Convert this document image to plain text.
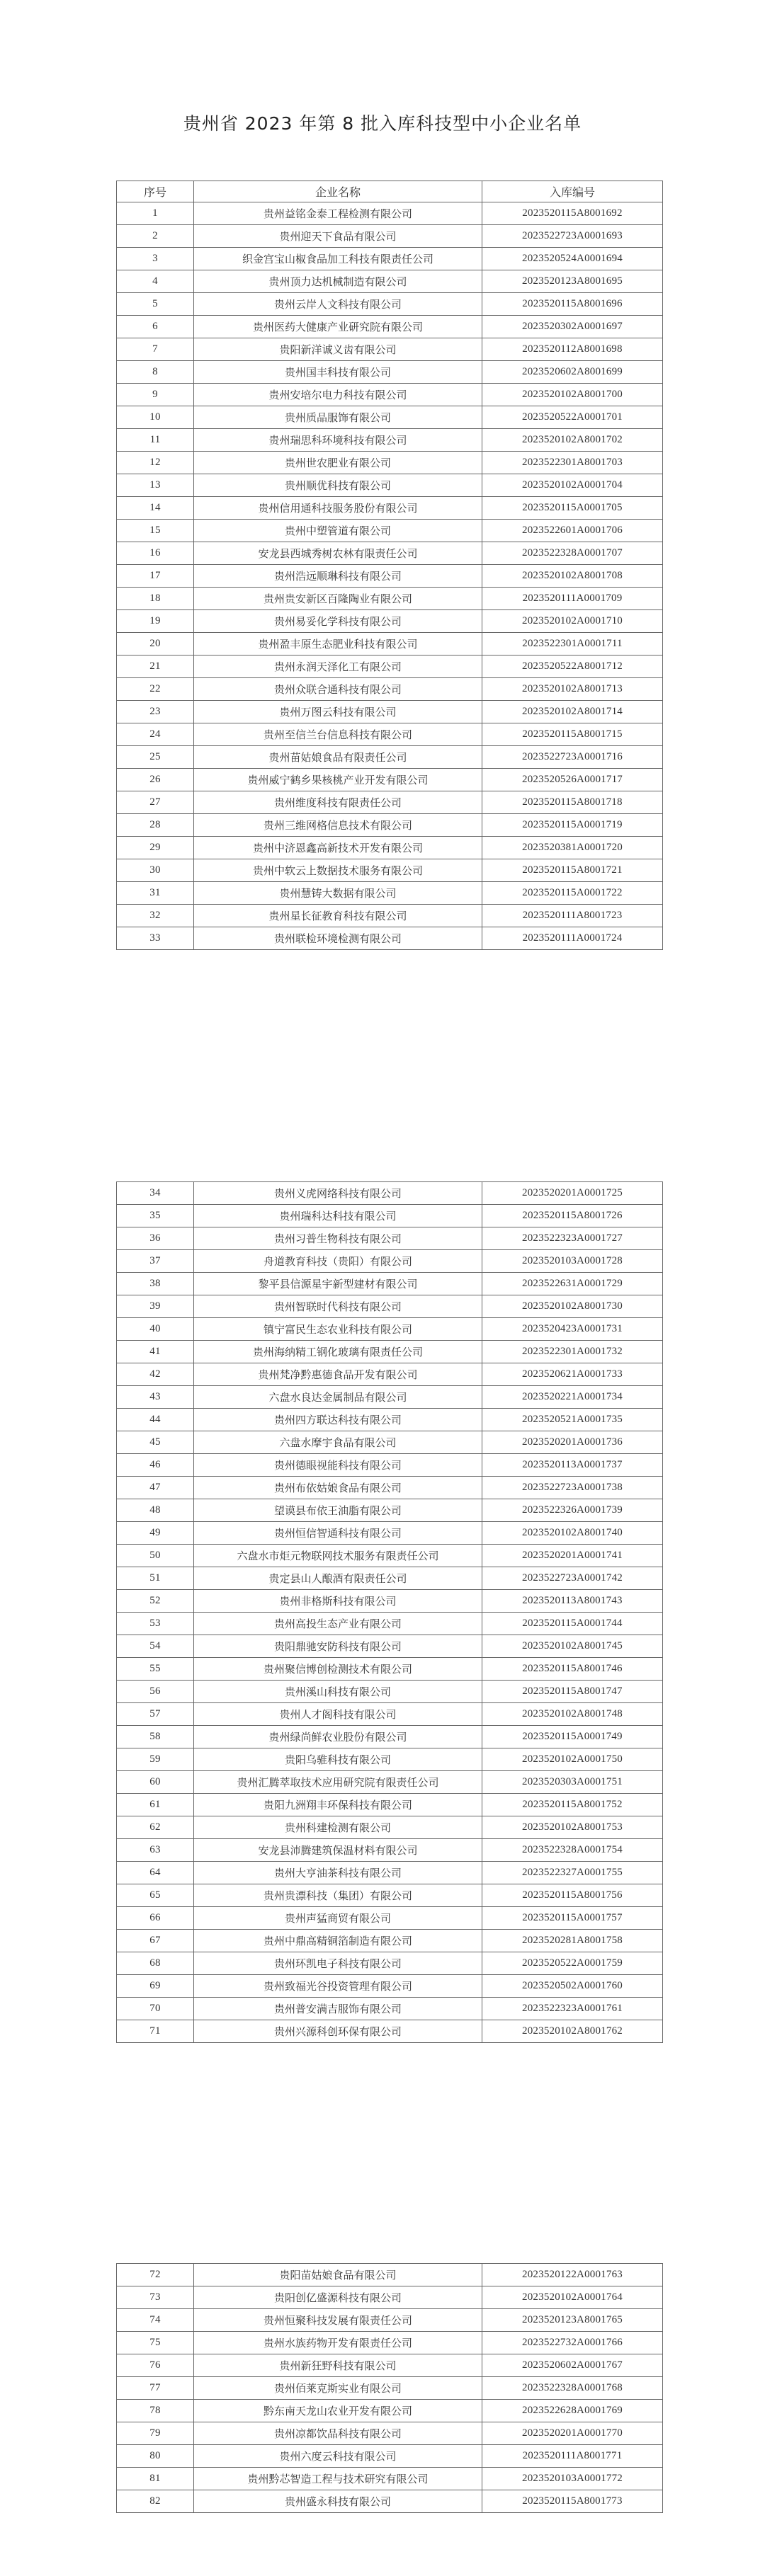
贵州省 2023 年第 8 批入库科技型中小企业名单
序号	企业名称	入库编号
1	贵州益铭金泰工程检测有限公司	2023520115A8001692
2	贵州迎天下食品有限公司	2023522723A0001693
3	织金宫宝山椒食品加工科技有限责任公司	2023520524A0001694
4	贵州顶力达机械制造有限公司	2023520123A8001695
5	贵州云岸人文科技有限公司	2023520115A8001696
6	贵州医药大健康产业研究院有限公司	2023520302A0001697
7	贵阳新洋诚义齿有限公司	2023520112A8001698
8	贵州国丰科技有限公司	2023520602A8001699
9	贵州安培尔电力科技有限公司	2023520102A8001700
10	贵州质品服饰有限公司	2023520522A0001701
11	贵州瑞思科环境科技有限公司	2023520102A8001702
12	贵州世农肥业有限公司	2023522301A8001703
13	贵州顺优科技有限公司	2023520102A0001704
14	贵州信用通科技服务股份有限公司	2023520115A0001705
15	贵州中塑管道有限公司	2023522601A0001706
16	安龙县西城秀树农林有限责任公司	2023522328A0001707
17	贵州浩远顺琳科技有限公司	2023520102A8001708
18	贵州贵安新区百隆陶业有限公司	2023520111A0001709
19	贵州易妥化学科技有限公司	2023520102A0001710
20	贵州盈丰原生态肥业科技有限公司	2023522301A0001711
21	贵州永润天泽化工有限公司	2023520522A8001712
22	贵州众联合通科技有限公司	2023520102A8001713
23	贵州万图云科技有限公司	2023520102A8001714
24	贵州至信兰台信息科技有限公司	2023520115A8001715
25	贵州苗姑娘食品有限责任公司	2023522723A0001716
26	贵州威宁鹤乡果核桃产业开发有限公司	2023520526A0001717
27	贵州维度科技有限责任公司	2023520115A8001718
28	贵州三维网格信息技术有限公司	2023520115A0001719
29	贵州中济恩鑫高新技术开发有限公司	2023520381A0001720
30	贵州中软云上数据技术服务有限公司	2023520115A8001721
31	贵州慧铸大数据有限公司	2023520115A0001722
32	贵州星长征教育科技有限公司	2023520111A8001723
33	贵州联检环境检测有限公司	2023520111A0001724
34	贵州义虎网络科技有限公司	2023520201A0001725
35	贵州瑞科达科技有限公司	2023520115A8001726
36	贵州习普生物科技有限公司	2023522323A0001727
37	舟道教育科技（贵阳）有限公司	2023520103A0001728
38	黎平县信源星宇新型建材有限公司	2023522631A0001729
39	贵州智联时代科技有限公司	2023520102A8001730
40	镇宁富民生态农业科技有限公司	2023520423A0001731
41	贵州海纳精工钢化玻璃有限责任公司	2023522301A0001732
42	贵州梵净黔惠德食品开发有限公司	2023520621A0001733
43	六盘水良达金属制品有限公司	2023520221A0001734
44	贵州四方联达科技有限公司	2023520521A0001735
45	六盘水摩宇食品有限公司	2023520201A0001736
46	贵州德眼视能科技有限公司	2023520113A0001737
47	贵州布依姑娘食品有限公司	2023522723A0001738
48	望谟县布依王油脂有限公司	2023522326A0001739
49	贵州恒信智通科技有限公司	2023520102A8001740
50	六盘水市炬元物联网技术服务有限责任公司	2023520201A0001741
51	贵定县山人酿酒有限责任公司	2023522723A0001742
52	贵州非格斯科技有限公司	2023520113A8001743
53	贵州高投生态产业有限公司	2023520115A0001744
54	贵阳鼎驰安防科技有限公司	2023520102A8001745
55	贵州聚信博创检测技术有限公司	2023520115A8001746
56	贵州溪山科技有限公司	2023520115A8001747
57	贵州人才阁科技有限公司	2023520102A8001748
58	贵州绿尚鲜农业股份有限公司	2023520115A0001749
59	贵阳乌骓科技有限公司	2023520102A0001750
60	贵州汇腾萃取技术应用研究院有限责任公司	2023520303A0001751
61	贵阳九洲翔丰环保科技有限公司	2023520115A8001752
62	贵州科建检测有限公司	2023520102A8001753
63	安龙县沛腾建筑保温材料有限公司	2023522328A0001754
64	贵州大亨油茶科技有限公司	2023522327A0001755
65	贵州贵漂科技（集团）有限公司	2023520115A8001756
66	贵州声猛商贸有限公司	2023520115A0001757
67	贵州中鼎高精铜箔制造有限公司	2023520281A8001758
68	贵州环凯电子科技有限公司	2023520522A0001759
69	贵州致福光谷投资管理有限公司	2023520502A0001760
70	贵州普安满吉服饰有限公司	2023522323A0001761
71	贵州兴源科创环保有限公司	2023520102A8001762
72	贵阳苗姑娘食品有限公司	2023520122A0001763
73	贵阳创亿盛源科技有限公司	2023520102A0001764
74	贵州恒聚科技发展有限责任公司	2023520123A8001765
75	贵州水族药物开发有限责任公司	2023522732A0001766
76	贵州新狂野科技有限公司	2023520602A0001767
77	贵州佰莱克斯实业有限公司	2023522328A0001768
78	黔东南天龙山农业开发有限公司	2023522628A0001769
79	贵州凉都饮品科技有限公司	2023520201A0001770
80	贵州六度云科技有限公司	2023520111A8001771
81	贵州黔芯智造工程与技术研究有限公司	2023520103A0001772
82	贵州盛永科技有限公司	2023520115A8001773
